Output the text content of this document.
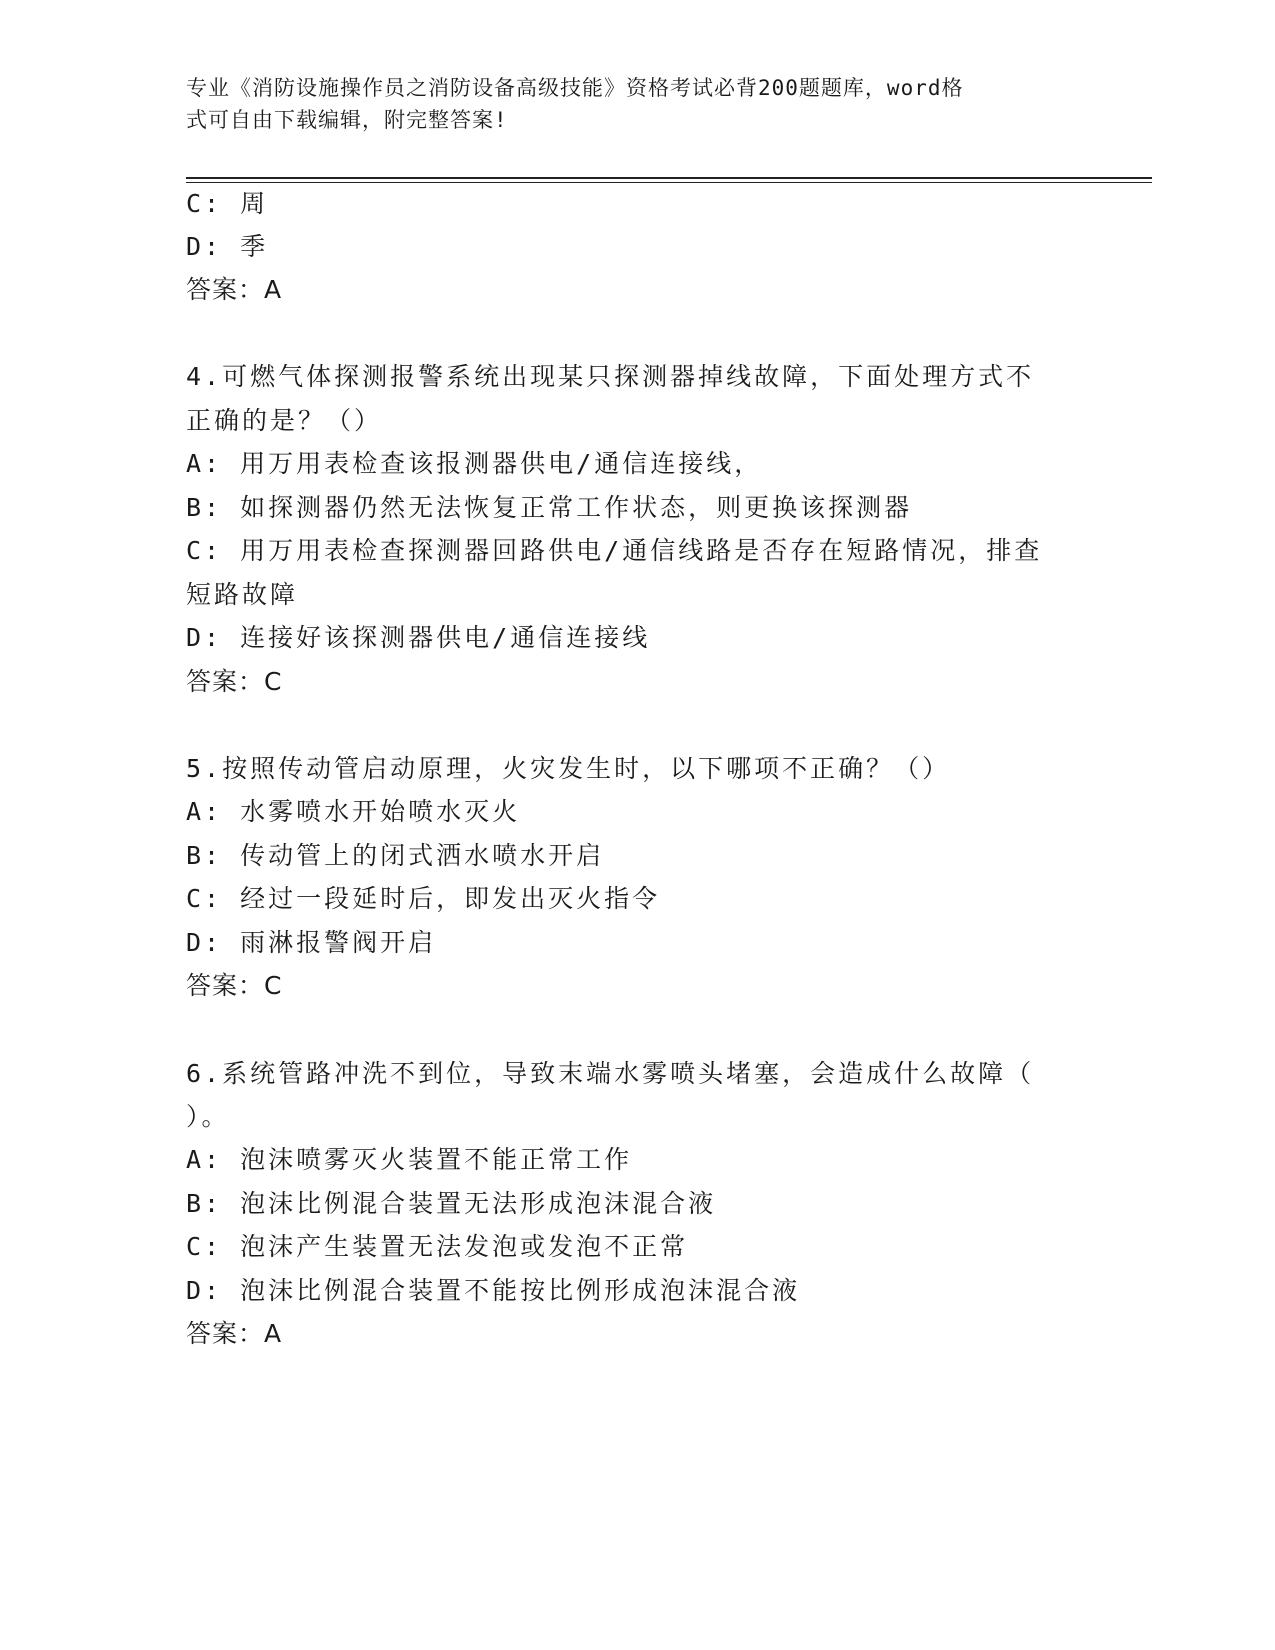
专业《消防设施操作员之消防设备高级技能》资格考试必背200题题库，word格
式可自由下载编辑，附完整答案!
C: 周
D: 季
答案：A
4.可燃气体探测报警系统出现某只探测器掉线故障，下面处理方式不
正确的是？（）
A: 用万用表检查该报测器供电/通信连接线，
B: 如探测器仍然无法恢复正常工作状态，则更换该探测器
C: 用万用表检查探测器回路供电/通信线路是否存在短路情况，排查
短路故障
D: 连接好该探测器供电/通信连接线
答案：C
5.按照传动管启动原理，火灾发生时，以下哪项不正确？（）
A: 水雾喷水开始喷水灭火
B: 传动管上的闭式洒水喷水开启
C: 经过一段延时后，即发出灭火指令
D: 雨淋报警阀开启
答案：C
6.系统管路冲洗不到位，导致末端水雾喷头堵塞，会造成什么故障（
）。
A: 泡沫喷雾灭火装置不能正常工作
B: 泡沫比例混合装置无法形成泡沫混合液
C: 泡沫产生装置无法发泡或发泡不正常
D: 泡沫比例混合装置不能按比例形成泡沫混合液
答案：A
